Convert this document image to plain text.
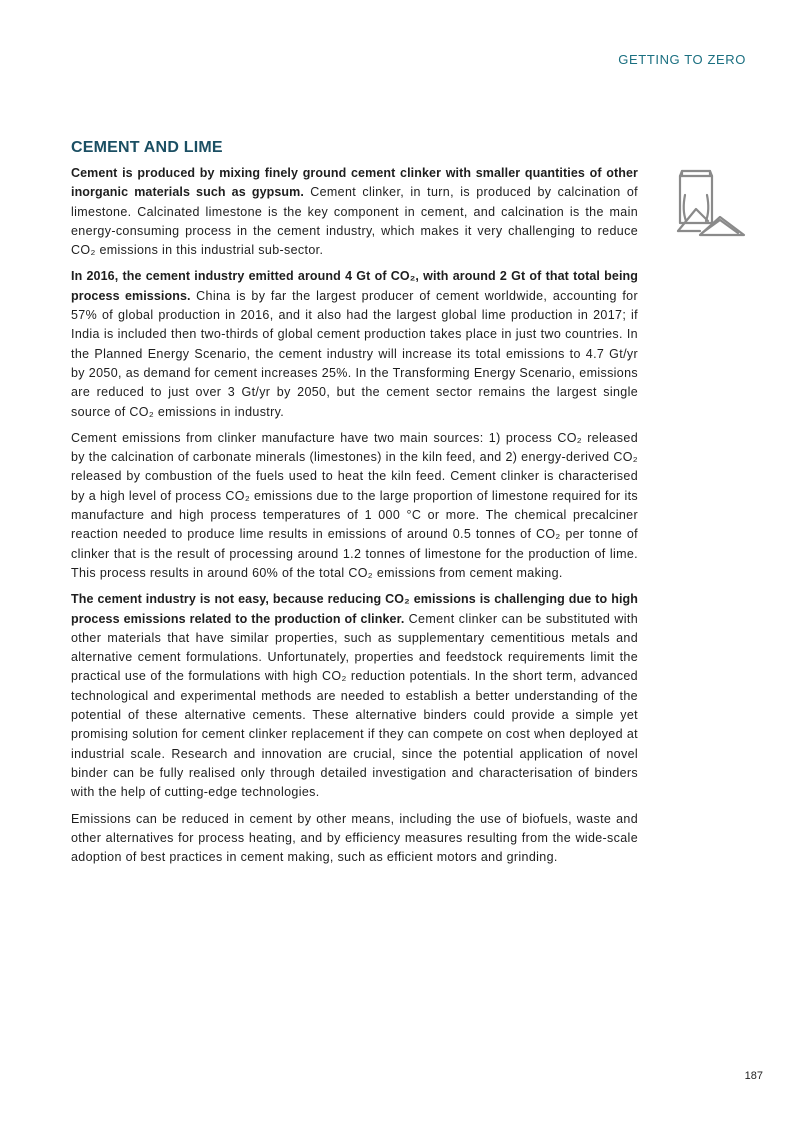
GETTING TO ZERO
CEMENT AND LIME

Cement is produced by mixing finely ground cement clinker with smaller quantities of other inorganic materials such as gypsum. Cement clinker, in turn, is produced by calcination of limestone. Calcinated limestone is the key component in cement, and calcination is the main energy-consuming process in the cement industry, which makes it very challenging to reduce CO₂ emissions in this industrial sub-sector.

In 2016, the cement industry emitted around 4 Gt of CO₂, with around 2 Gt of that total being process emissions. China is by far the largest producer of cement worldwide, accounting for 57% of global production in 2016, and it also had the largest global lime production in 2017; if India is included then two-thirds of global cement production takes place in just two countries. In the Planned Energy Scenario, the cement industry will increase its total emissions to 4.7 Gt/yr by 2050, as demand for cement increases 25%. In the Transforming Energy Scenario, emissions are reduced to just over 3 Gt/yr by 2050, but the cement sector remains the largest single source of CO₂ emissions in industry.

Cement emissions from clinker manufacture have two main sources: 1) process CO₂ released by the calcination of carbonate minerals (limestones) in the kiln feed, and 2) energy-derived CO₂ released by combustion of the fuels used to heat the kiln feed. Cement clinker is characterised by a high level of process CO₂ emissions due to the large proportion of limestone required for its manufacture and high process temperatures of 1 000 °C or more. The chemical precalciner reaction needed to produce lime results in emissions of around 0.5 tonnes of CO₂ per tonne of clinker that is the result of processing around 1.2 tonnes of limestone for the production of lime. This process results in around 60% of the total CO₂ emissions from cement making.

The cement industry is not easy, because reducing CO₂ emissions is challenging due to high process emissions related to the production of clinker. Cement clinker can be substituted with other materials that have similar properties, such as supplementary cementitious metals and alternative cement formulations. Unfortunately, properties and feedstock requirements limit the practical use of the formulations with high CO₂ reduction potentials. In the short term, advanced technological and experimental methods are needed to establish a better understanding of the potential of these alternative cements. These alternative binders could provide a simple yet promising solution for cement clinker replacement if they can compete on cost when deployed at industrial scale. Research and innovation are crucial, since the potential application of novel binder can be fully realised only through detailed investigation and characterisation of binders with the help of cutting-edge technologies.

Emissions can be reduced in cement by other means, including the use of biofuels, waste and other alternatives for process heating, and by efficiency measures resulting from the wide-scale adoption of best practices in cement making, such as efficient motors and grinding.

187
